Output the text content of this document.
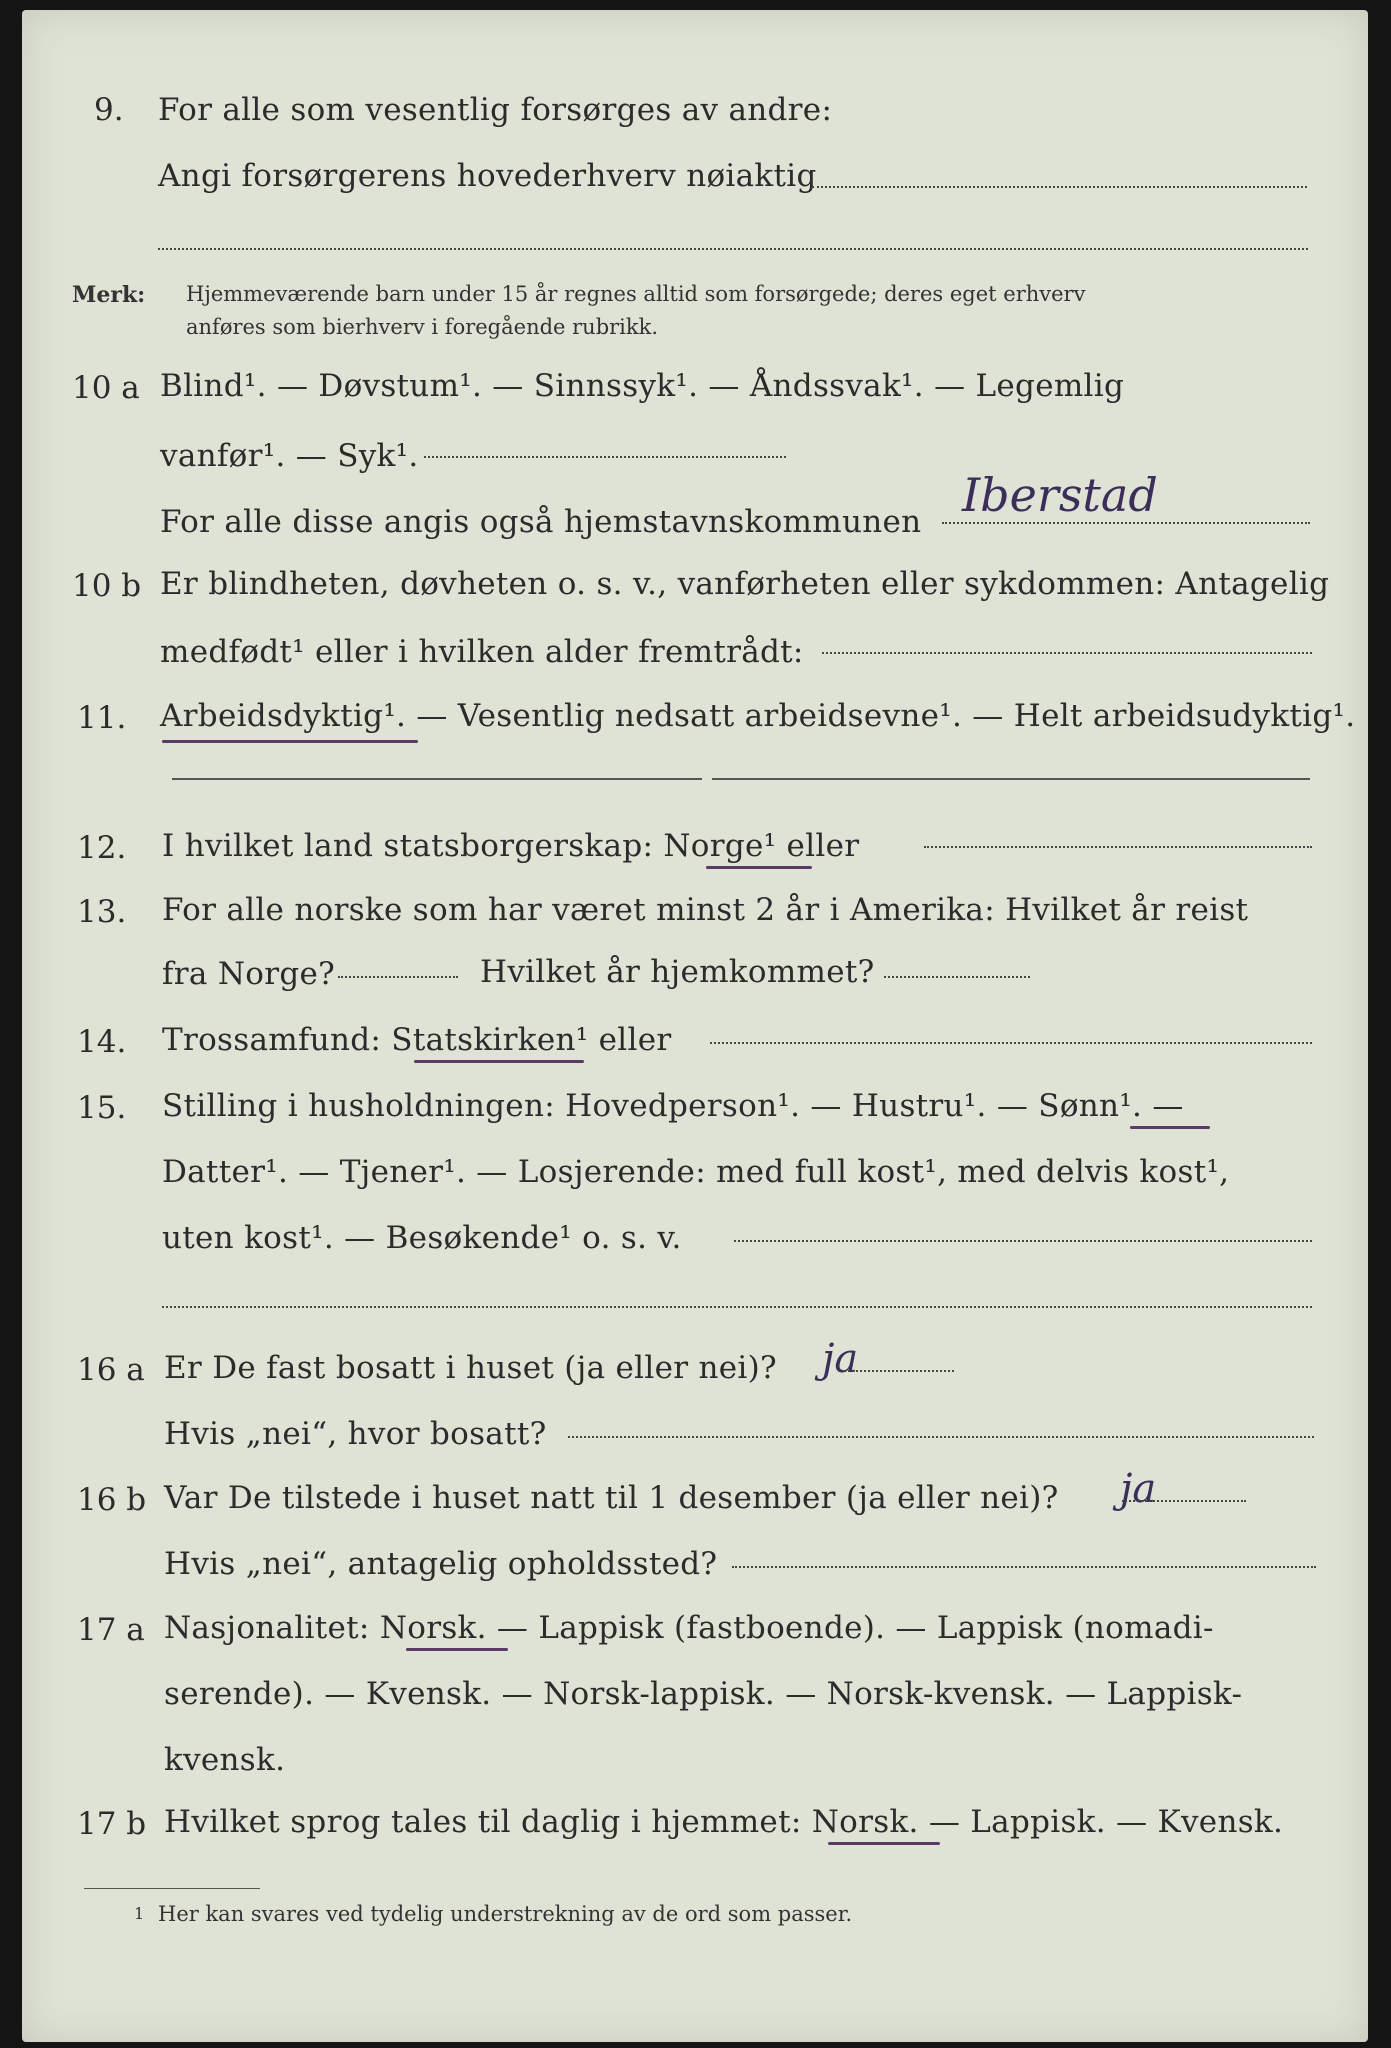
9. For alle som vesentlig forsørges av andre:
Angi forsørgerens hovederhverv nøiaktig
Merk: Hjemmeværende barn under 15 år regnes alltid som forsørgede; deres eget erhverv
anføres som bierhverv i foregående rubrikk.
10 a Blind¹. — Døvstum¹. — Sinnssyk¹. — Åndssvak¹. — Legemlig
vanfør¹. — Syk¹.
For alle disse angis også hjemstavnskommunen Iberstad
10 b Er blindheten, døvheten o. s. v., vanførheten eller sykdommen: Antagelig
medfødt¹ eller i hvilken alder fremtrådt:
11. Arbeidsdyktig¹. — Vesentlig nedsatt arbeidsevne¹. — Helt arbeidsudyktig¹.
12. I hvilket land statsborgerskap: Norge¹ eller
13. For alle norske som har været minst 2 år i Amerika: Hvilket år reist
fra Norge?	Hvilket år hjemkommet?
14. Trossamfund: Statskirken¹ eller
15. Stilling i husholdningen: Hovedperson¹. — Hustru¹. — Sønn¹. —
Datter¹. — Tjener¹. — Losjerende: med full kost¹, med delvis kost¹,
uten kost¹. — Besøkende¹ o. s. v.
16 a Er De fast bosatt i huset (ja eller nei)? ja
Hvis „nei“, hvor bosatt?
16 b Var De tilstede i huset natt til 1 desember (ja eller nei)? ja
Hvis „nei“, antagelig opholdssted?
17 a Nasjonalitet: Norsk. — Lappisk (fastboende). — Lappisk (nomadi-
serende). — Kvensk. — Norsk-lappisk. — Norsk-kvensk. — Lappisk-
kvensk.
17 b Hvilket sprog tales til daglig i hjemmet: Norsk. — Lappisk. — Kvensk.
1 Her kan svares ved tydelig understrekning av de ord som passer.
